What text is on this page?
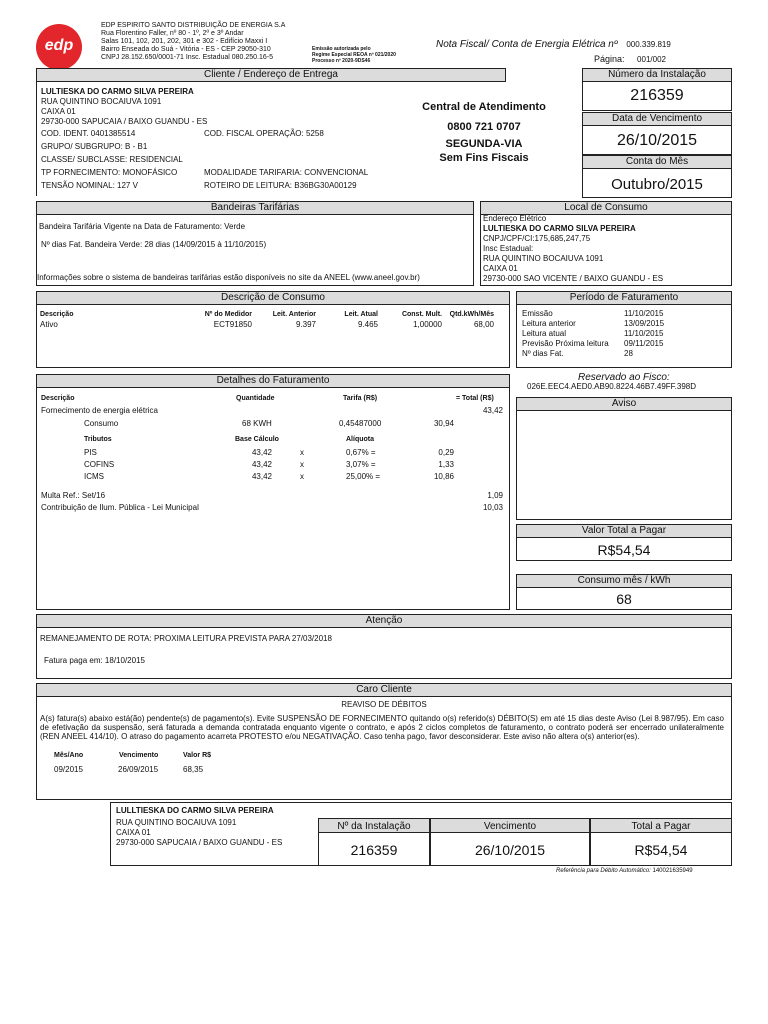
edp
EDP ESPIRITO SANTO DISTRIBUIÇÃO DE ENERGIA S.A
Rua Florentino Faller, nº 80 - 1º, 2º e 3º Andar
Salas 101, 102, 201, 202, 301 e 302 - Edifício Maxxi I
Bairro Enseada do Suá - Vitória - ES - CEP 29050-310
CNPJ 28.152.650/0001-71 Insc. Estadual 080.250.16-5
Emissão autorizada pelo
Regime Especial REOA nº 021/2020
Processo nº 2020-9DS46
Nota Fiscal/ Conta de Energia Elétrica nº 000.339.819
Página: 001/002
Cliente / Endereço de Entrega
LULTIESKA DO CARMO SILVA PEREIRA
RUA QUINTINO BOCAIUVA 1091
CAIXA 01
29730-000 SAPUCAIA / BAIXO GUANDU - ES
COD. IDENT. 0401385514	COD. FISCAL OPERAÇÃO: 5258
GRUPO/ SUBGRUPO: B - B1
CLASSE/ SUBCLASSE: RESIDENCIAL
TP FORNECIMENTO: MONOFÁSICO	MODALIDADE TARIFARIA: CONVENCIONAL
TENSÃO NOMINAL: 127 V	ROTEIRO DE LEITURA: B36BG30A00129
Central de Atendimento
0800 721 0707
SEGUNDA-VIA
Sem Fins Fiscais
Número da Instalação
216359
Data de Vencimento
26/10/2015
Conta do Mês
Outubro/2015
Bandeiras Tarifárias
Bandeira Tarifária Vigente na Data de Faturamento: Verde
Nº dias Fat. Bandeira Verde: 28 dias (14/09/2015 à 11/10/2015)
Informações sobre o sistema de bandeiras tarifárias estão disponíveis no site da ANEEL (www.aneel.gov.br)
Local de Consumo
Endereço Elétrico
LULTIESKA DO CARMO SILVA PEREIRA
CNPJ/CPF/CI:175,685,247,75
Insc Estadual:
RUA QUINTINO BOCAIUVA 1091
CAIXA 01
29730-000 SAO VICENTE / BAIXO GUANDU - ES
Descrição de Consumo
Descrição	Nº do Medidor	Leit. Anterior	Leit. Atual	Const. Mult.	Qtd.kWh/Mês
Ativo	ECT91850	9.397	9.465	1,00000	68,00
Período de Faturamento
Emissão	11/10/2015
Leitura anterior	13/09/2015
Leitura atual	11/10/2015
Previsão Próxima leitura	09/11/2015
Nº dias Fat.	28
Detalhes do Faturamento
Descrição	Quantidade	Tarifa (R$)	= Total (R$)
Fornecimento de energia elétrica	43,42
Consumo	68 KWH	0,45487000	30,94
Tributos	Base Cálculo	Alíquota
PIS	43,42	x	0,67% =	0,29
COFINS	43,42	x	3,07% =	1,33
ICMS	43,42	x	25,00% =	10,86
Multa Ref.: Set/16	1,09
Contribuição de Ilum. Pública - Lei Municipal	10,03
Reservado ao Fisco:
026E.EEC4.AED0.AB90.8224.46B7.49FF.398D
Aviso
Valor Total a Pagar
R$54,54
Consumo mês / kWh
68
Atenção
REMANEJAMENTO DE ROTA: PROXIMA LEITURA PREVISTA PARA 27/03/2018
Fatura paga em: 18/10/2015
Caro Cliente
REAVISO DE DÉBITOS
A(s) fatura(s) abaixo está(ão) pendente(s) de pagamento(s). Evite SUSPENSÃO DE FORNECIMENTO quitando o(s) referido(s) DÉBITO(S) em até 15 dias deste Aviso (Lei 8.987/95). Em caso de efetivação da suspensão, será faturada a demanda contratada enquanto vigente o contrato, e após 2 ciclos completos de faturamento, o contrato poderá ser encerrado unilateralmente (REN ANEEL 414/10). O atraso do pagamento acarreta PROTESTO e/ou NEGATIVAÇÃO. Caso tenha pago, favor desconsiderar. Este aviso não altera o(s) anterior(es).
Mês/Ano	Vencimento	Valor R$
09/2015	26/09/2015	68,35
LULLTIESKA DO CARMO SILVA PEREIRA
RUA QUINTINO BOCAIUVA 1091
CAIXA 01
29730-000 SAPUCAIA / BAIXO GUANDU - ES
Nº da Instalação
216359
Vencimento
26/10/2015
Total a Pagar
R$54,54
Referência para Débito Automático: 140021635949
